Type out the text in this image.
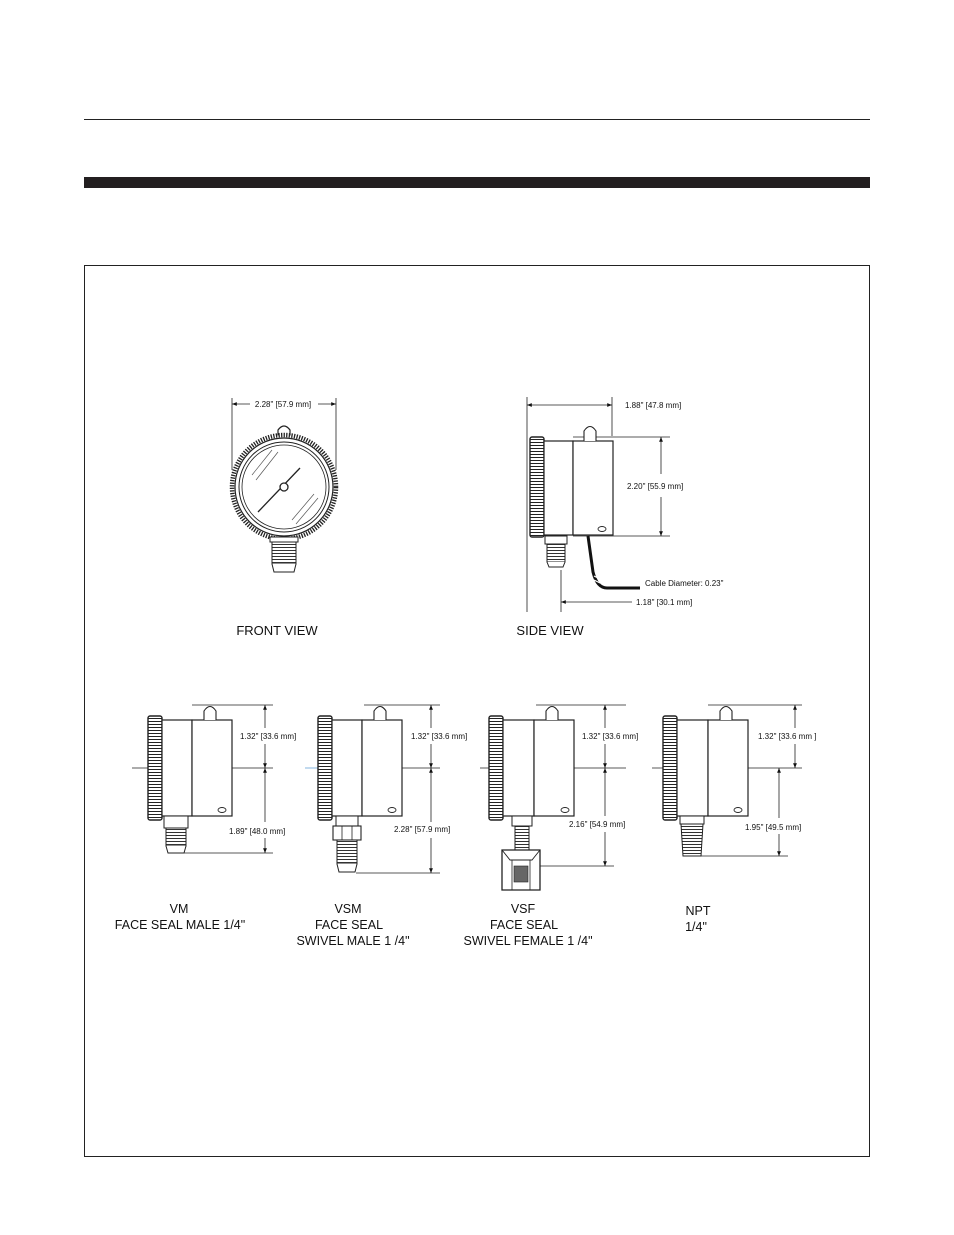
2.28" [57.9 mm]
FRONT VIEW
1.88" [47.8 mm]
2.20" [55.9 mm]
Cable Diameter: 0.23"
1.18" [30.1 mm]
SIDE VIEW
1.32" [33.6 mm]
1.89" [48.0 mm]
VM
FACE SEAL MALE 1/4"
1.32" [33.6 mm]
2.28" [57.9 mm]
VSM
FACE SEAL
SWIVEL MALE 1 /4"
1.32" [33.6 mm]
2.16" [54.9 mm]
VSF
FACE SEAL
SWIVEL FEMALE 1 /4"
1.32" [33.6 mm ]
1.95" [49.5 mm]
NPT
1/4"
